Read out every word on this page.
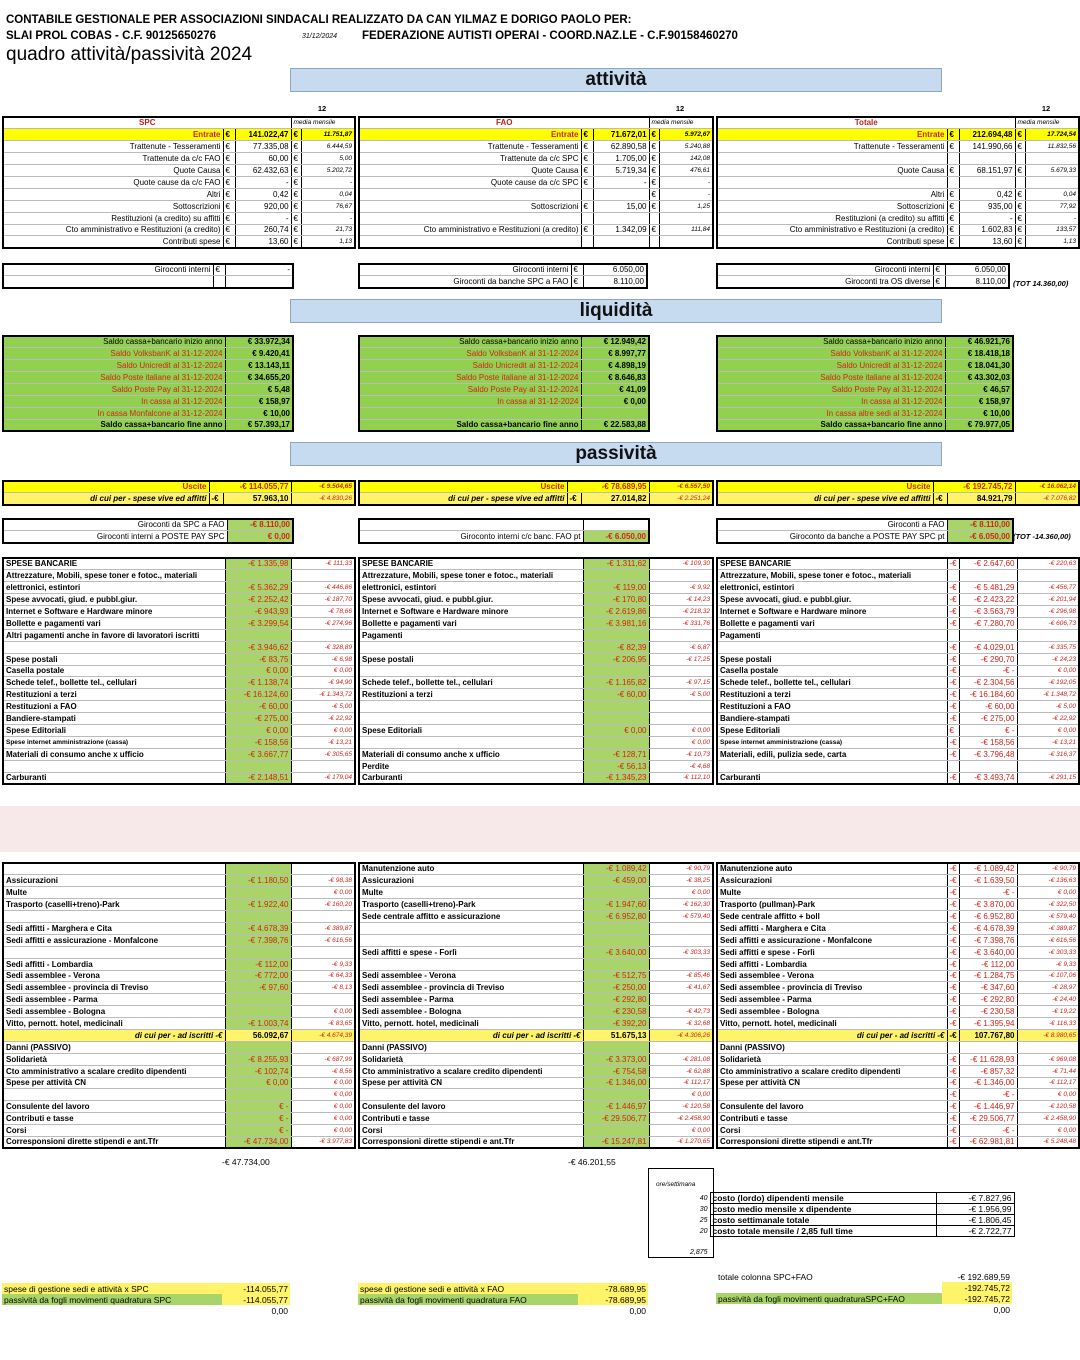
CONTABILE GESTIONALE PER ASSOCIAZIONI SINDACALI REALIZZATO DA CAN YILMAZ E DORIGO PAOLO PER:
SLAI PROL COBAS - C.F. 90125650276	31/12/2024 FEDERAZIONE AUTISTI OPERAI - COORD.NAZ.LE - C.F.90158460270
quadro attività/passività 2024
attività
liquidità
passività
12
SPC			media mensile	
Entrate	€	141.022,47	€	11.751,87
Trattenute - Tesseramenti	€	77.335,08	€	6.444,59
Trattenute da c/c FAO	€	60,00	€	5,00
Quote Causa	€	62.432,63	€	5.202,72
Quote cause da c/c FAO	€	-	€	-
Altri	€	0,42	€	0,04
Sottoscrizioni	€	920,00	€	76,67
Restituzioni (a credito) su affitti	€	-	€	-
Cto amministrativo e Restituzioni (a credito)	€	260,74	€	21,73
Contributi spese	€	13,60	€	1,13
12
FAO			media mensile	
Entrate	€	71.672,01	€	5.972,67
Trattenute - Tesseramenti	€	62.890,58	€	5.240,88
Trattenute da c/c SPC	€	1.705,00	€	142,08
Quote Causa	€	5.719,34	€	476,61
Quote cause da c/c SPC	€	-	€	-
			€	-
Sottoscrizioni	€	15,00	€	1,25

Cto amministrativo e Restituzioni (a credito)	€	1.342,09	€	111,84

12
Totale			media mensile	
Entrate	€	212.694,48	€	17.724,54
Trattenute - Tesseramenti	€	141.990,66	€	11.832,56

Quote Causa	€	68.151,97	€	5.679,33

Altri	€	0,42	€	0,04
Sottoscrizioni	€	935,00	€	77,92
Restituzioni (a credito) su affitti	€	-	€	-
Cto amministrativo e Restituzioni (a credito)	€	1.602,83	€	133,57
Contributi spese	€	13,60	€	1,13
Giroconti interni	€	-
			Giroconti interni	€	6.050,00
Giroconti da banche SPC a FAO	€	8.110,00
Giroconti interni	€	6.050,00
Giroconti tra OS diverse	€	8.110,00 (TOT 14.360,00)
Saldo cassa+bancario inizio anno	€ 33.972,34
Saldo VolksbanK al 31-12-2024	€ 9.420,41
Saldo Unicredit al 31-12-2024	€ 13.143,11
Saldo Poste italiane al 31-12-2024	€ 34.655,20
Saldo Poste Pay al 31-12-2024	€ 5,48
In cassa al 31-12-2024	€ 158,97
In cassa Monfalcone al 31-12-2024	€ 10,00
Saldo cassa+bancario fine anno	€ 57.393,17
Saldo cassa+bancario inizio anno	€ 12.949,42
Saldo VolksbanK al 31-12-2024	€ 8.997,77
Saldo Unicredit al 31-12-2024	€ 4.898,19
Saldo Poste italiane al 31-12-2024	€ 8.646,83
Saldo Poste Pay al 31-12-2024	€ 41,09
In cassa al 31-12-2024	€ 0,00

Saldo cassa+bancario fine anno	€ 22.583,88
Saldo cassa+bancario inizio anno	€ 46.921,76
Saldo VolksbanK al 31-12-2024	€ 18.418,18
Saldo Unicredit al 31-12-2024	€ 18.041,30
Saldo Poste italiane al 31-12-2024	€ 43.302,03
Saldo Poste Pay al 31-12-2024	€ 46,57
In cassa al 31-12-2024	€ 158,97
In cassa altre sedi al 31-12-2024	€ 10,00
Saldo cassa+bancario fine anno	€ 79.977,05
Uscite	-€ 114.055,77		-€ 9.504,65
di cui per - spese vive ed affitti	-€	57.963,10	-€ 4.830,26
Uscite	-€ 78.689,95		-€ 6.557,50
di cui per - spese vive ed affitti	-€	27.014,82	-€ 2.251,24
Uscite	-€ 192.745,72		-€ 16.062,14
di cui per - spese vive ed affitti	-€	84.921,79	-€ 7.076,82
Giroconti da SPC a FAO	-€ 8.110,00
Giroconti interni a POSTE PAY SPC	€ 0,00
		Giroconto interni c/c banc. FAO pt	-€ 6.050,00
Giroconti a FAO	-€ 8.110,00
Giroconto da banche a POSTE PAY SPC pt	-€ 6.050,00 (TOT -14.360,00)
SPESE BANCARIE	-€ 1.335,98	-€ 111,33
Attrezzature, Mobili, spese toner e fotoc., materiali		
elettronici, estintori	-€ 5.362,29	-€ 446,86
Spese avvocati, giud. e pubbl.giur.	-€ 2.252,42	-€ 187,70
Internet e Software e Hardware minore	-€ 943,93	-€ 78,66
Bollette e pagamenti vari	-€ 3.299,54	-€ 274,96
Altri pagamenti anche in favore di lavoratori iscritti		
	-€ 3.946,62	-€ 328,89
Spese postali	-€ 83,75	-€ 6,98
Casella postale	€ 0,00	€ 0,00
Schede telef., bollette tel., cellulari	-€ 1.138,74	-€ 94,90
Restituzioni a terzi	-€ 16.124,60	-€ 1.343,72
Restituzioni a FAO	-€ 60,00	-€ 5,00
Bandiere-stampati	-€ 275,00	-€ 22,92
Spese Editoriali	€ 0,00	€ 0,00
Spese internet amministrazione (cassa)	-€ 158,56	-€ 13,21
Materiali di consumo anche x ufficio	-€ 3.667,77	-€ 305,65

Carburanti	-€ 2.148,51	-€ 179,04
SPESE BANCARIE	-€ 1.311,62	-€ 109,30
Attrezzature, Mobili, spese toner e fotoc., materiali		
elettronici, estintori	-€ 119,00	-€ 9,92
Spese avvocati, giud. e pubbl.giur.	-€ 170,80	-€ 14,23
Internet e Software e Hardware minore	-€ 2.619,86	-€ 218,32
Bollette e pagamenti vari	-€ 3.981,16	-€ 331,76
Pagamenti		
	-€ 82,39	-€ 6,87
Spese postali	-€ 206,95	-€ 17,25

Schede telef., bollette tel., cellulari	-€ 1.165,82	-€ 97,15
Restituzioni a terzi	-€ 60,00	-€ 5,00

Spese Editoriali	€ 0,00	€ 0,00
		€ 0,00
Materiali di consumo anche x ufficio	-€ 128,71	-€ 10,73
Perdite	-€ 56,13	-€ 4,68
Carburanti	-€ 1.345,23	-€ 112,10
SPESE BANCARIE	-€	-€ 2.647,60	-€ 220,63
Attrezzature, Mobili, spese toner e fotoc., materiali			
elettronici, estintori	-€	-€ 5.481,29	-€ 456,77
Spese avvocati, giud. e pubbl.giur.	-€	-€ 2.423,22	-€ 201,94
Internet e Software e Hardware minore	-€	-€ 3.563,79	-€ 296,98
Bollette e pagamenti vari	-€	-€ 7.280,70	-€ 606,73
Pagamenti			
	-€	-€ 4.029,01	-€ 335,75
Spese postali	-€	-€ 290,70	-€ 24,23
Casella postale	-€	-€ -	€ 0,00
Schede telef., bollette tel., cellulari	-€	-€ 2.304,56	-€ 192,05
Restituzioni a terzi	-€	-€ 16.184,60	-€ 1.348,72
Restituzioni a FAO	-€	-€ 60,00	-€ 5,00
Bandiere-stampati	-€	-€ 275,00	-€ 22,92
Spese Editoriali	€	€ -	€ 0,00
Spese internet amministrazione (cassa)	-€	-€ 158,56	-€ 13,21
Materiali, edili, pulizia sede, carta	-€	-€ 3.796,48	-€ 316,37

Carburanti	-€	-€ 3.493,74	-€ 291,15

Assicurazioni	-€ 1.180,50	-€ 98,38
Multe		€ 0,00
Trasporto (caselli+treno)-Park	-€ 1.922,40	-€ 160,20

Sedi affitti - Marghera e Cita	-€ 4.678,39	-€ 389,87
Sedi affitti e assicurazione - Monfalcone	-€ 7.398,76	-€ 616,56

Sedi affitti - Lombardia	-€ 112,00	-€ 9,33
Sedi assemblee - Verona	-€ 772,00	-€ 64,33
Sedi assemblee - provincia di Treviso	-€ 97,60	-€ 8,13
Sedi assemblee - Parma		
Sedi assemblee - Bologna		€ 0,00
Vitto, pernott. hotel, medicinali	-€ 1.003,74	-€ 83,65
di cui per - ad iscritti -€	56.092,67	-€ 4.674,39
Danni (PASSIVO)		
Solidarietà	-€ 8.255,93	-€ 687,99
Cto amministrativo a scalare credito dipendenti	-€ 102,74	-€ 8,56
Spese per attività CN	€ 0,00	€ 0,00
		€ 0,00
Consulente del lavoro	€ -	€ 0,00
Contributi e tasse	€ -	€ 0,00
Corsi	€ -	€ 0,00
Corresponsioni dirette stipendi e ant.Tfr	-€ 47.734,00	-€ 3.977,83
Manutenzione auto	-€ 1.089,42	-€ 90,79
Assicurazioni	-€ 459,00	-€ 38,25
Multe		€ 0,00
Trasporto (caselli+treno)-Park	-€ 1.947,60	-€ 162,30
Sede centrale affitto e assicurazione	-€ 6.952,80	-€ 579,40

Sedi affitti e spese - Forlì	-€ 3.640,00	-€ 303,33

Sedi assemblee - Verona	-€ 512,75	-€ 85,46
Sedi assemblee - provincia di Treviso	-€ 250,00	-€ 41,67
Sedi assemblee - Parma	-€ 292,80	
Sedi assemblee - Bologna	-€ 230,58	-€ 42,73
Vitto, pernott. hotel, medicinali	-€ 392,20	-€ 32,68
di cui per - ad iscritti -€	51.675,13	-€ 4.306,26
Danni (PASSIVO)		
Solidarietà	-€ 3.373,00	-€ 281,08
Cto amministrativo a scalare credito dipendenti	-€ 754,58	-€ 62,88
Spese per attività CN	-€ 1.346,00	-€ 112,17
		€ 0,00
Consulente del lavoro	-€ 1.446,97	-€ 120,58
Contributi e tasse	-€ 29.506,77	-€ 2.458,90
Corsi		€ 0,00
Corresponsioni dirette stipendi e ant.Tfr	-€ 15.247,81	-€ 1.270,65
Manutenzione auto	-€	-€ 1.089,42	-€ 90,79
Assicurazioni	-€	-€ 1.639,50	-€ 136,63
Multe	-€	-€ -	€ 0,00
Trasporto (pullman)-Park	-€	-€ 3.870,00	-€ 322,50
Sede centrale affitto + boll	-€	-€ 6.952,80	-€ 579,40
Sedi affitti - Marghera e Cita	-€	-€ 4.678,39	-€ 389,87
Sedi affitti e assicurazione - Monfalcone	-€	-€ 7.398,76	-€ 616,56
Sedi affitti e spese - Forlì	-€	-€ 3.640,00	-€ 303,33
Sedi affitti - Lombardia	-€	-€ 112,00	-€ 9,33
Sedi assemblee - Verona	-€	-€ 1.284,75	-€ 107,06
Sedi assemblee - provincia di Treviso	-€	-€ 347,60	-€ 28,97
Sedi assemblee - Parma	-€	-€ 292,80	-€ 24,40
Sedi assemblee - Bologna	-€	-€ 230,58	-€ 19,22
Vitto, pernott. hotel, medicinali	-€	-€ 1.395,94	-€ 116,33
di cui per - ad iscritti -€	-€	107.767,80	-€ 8.980,65
Danni (PASSIVO)			
Solidarietà	-€	-€ 11.628,93	-€ 969,08
Cto amministrativo a scalare credito dipendenti	-€	-€ 857,32	-€ 71,44
Spese per attività CN	-€	-€ 1.346,00	-€ 112,17
	-€	-€ -	€ 0,00
Consulente del lavoro	-€	-€ 1.446,97	-€ 120,58
Contributi e tasse	-€	-€ 29.506,77	-€ 2.458,90
Corsi	-€	-€ -	€ 0,00
Corresponsioni dirette stipendi e ant.Tfr	-€	-€ 62.981,81	-€ 5.248,48
-€ 47.734,00	-€ 46.201,55
ore/settimana
40	costo (lordo) dipendenti mensile	-€ 7.827,96
30	costo medio mensile x dipendente	-€ 1.956,99
25	costo settimanale totale	-€ 1.806,45
20	costo totale mensile / 2,85 full time	-€ 2.722,77
2,875
spese di gestione sedi e attività x SPC	-114.055,77
passività da fogli movimenti quadratura SPC	-114.055,77
	0,00
spese di gestione sedi e attività x FAO	-78.689,95
passività da fogli movimenti quadratura FAO	-78.689,95
	0,00
totale colonna SPC+FAO	-€ 192.689,59
	-192.745,72
passività da fogli movimenti quadraturaSPC+FAO	-192.745,72
	0,00
